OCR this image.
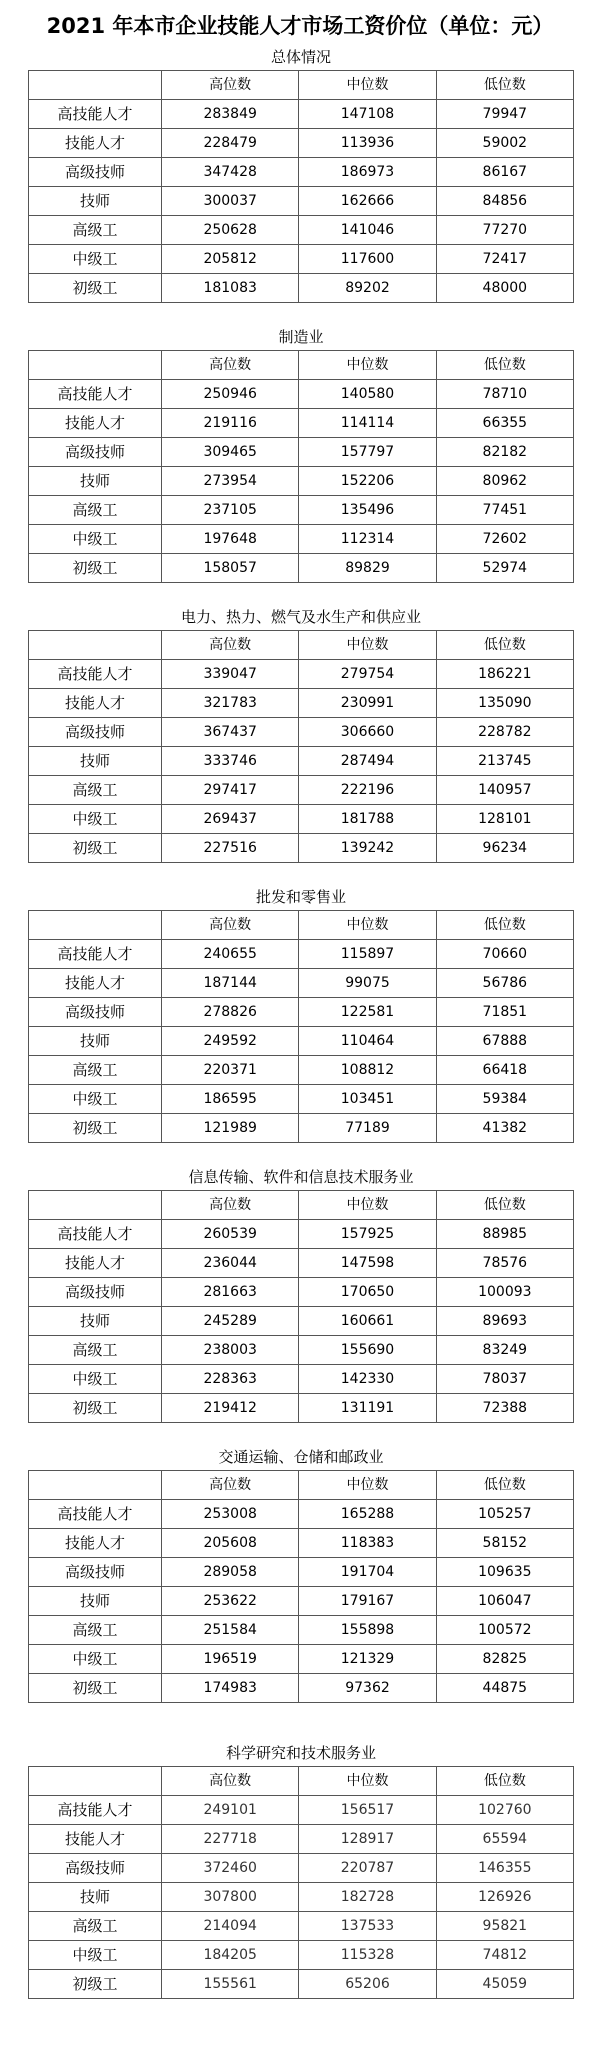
2021 年本市企业技能人才市场工资价位（单位：元）
总体情况
	高位数	中位数	低位数
高技能人才	283849	147108	79947
技能人才	228479	113936	59002
高级技师	347428	186973	86167
技师	300037	162666	84856
高级工	250628	141046	77270
中级工	205812	117600	72417
初级工	181083	89202	48000
制造业
	高位数	中位数	低位数
高技能人才	250946	140580	78710
技能人才	219116	114114	66355
高级技师	309465	157797	82182
技师	273954	152206	80962
高级工	237105	135496	77451
中级工	197648	112314	72602
初级工	158057	89829	52974
电力、热力、燃气及水生产和供应业
	高位数	中位数	低位数
高技能人才	339047	279754	186221
技能人才	321783	230991	135090
高级技师	367437	306660	228782
技师	333746	287494	213745
高级工	297417	222196	140957
中级工	269437	181788	128101
初级工	227516	139242	96234
批发和零售业
	高位数	中位数	低位数
高技能人才	240655	115897	70660
技能人才	187144	99075	56786
高级技师	278826	122581	71851
技师	249592	110464	67888
高级工	220371	108812	66418
中级工	186595	103451	59384
初级工	121989	77189	41382
信息传输、软件和信息技术服务业
	高位数	中位数	低位数
高技能人才	260539	157925	88985
技能人才	236044	147598	78576
高级技师	281663	170650	100093
技师	245289	160661	89693
高级工	238003	155690	83249
中级工	228363	142330	78037
初级工	219412	131191	72388
交通运输、仓储和邮政业
	高位数	中位数	低位数
高技能人才	253008	165288	105257
技能人才	205608	118383	58152
高级技师	289058	191704	109635
技师	253622	179167	106047
高级工	251584	155898	100572
中级工	196519	121329	82825
初级工	174983	97362	44875
科学研究和技术服务业
	高位数	中位数	低位数
高技能人才	249101	156517	102760
技能人才	227718	128917	65594
高级技师	372460	220787	146355
技师	307800	182728	126926
高级工	214094	137533	95821
中级工	184205	115328	74812
初级工	155561	65206	45059
